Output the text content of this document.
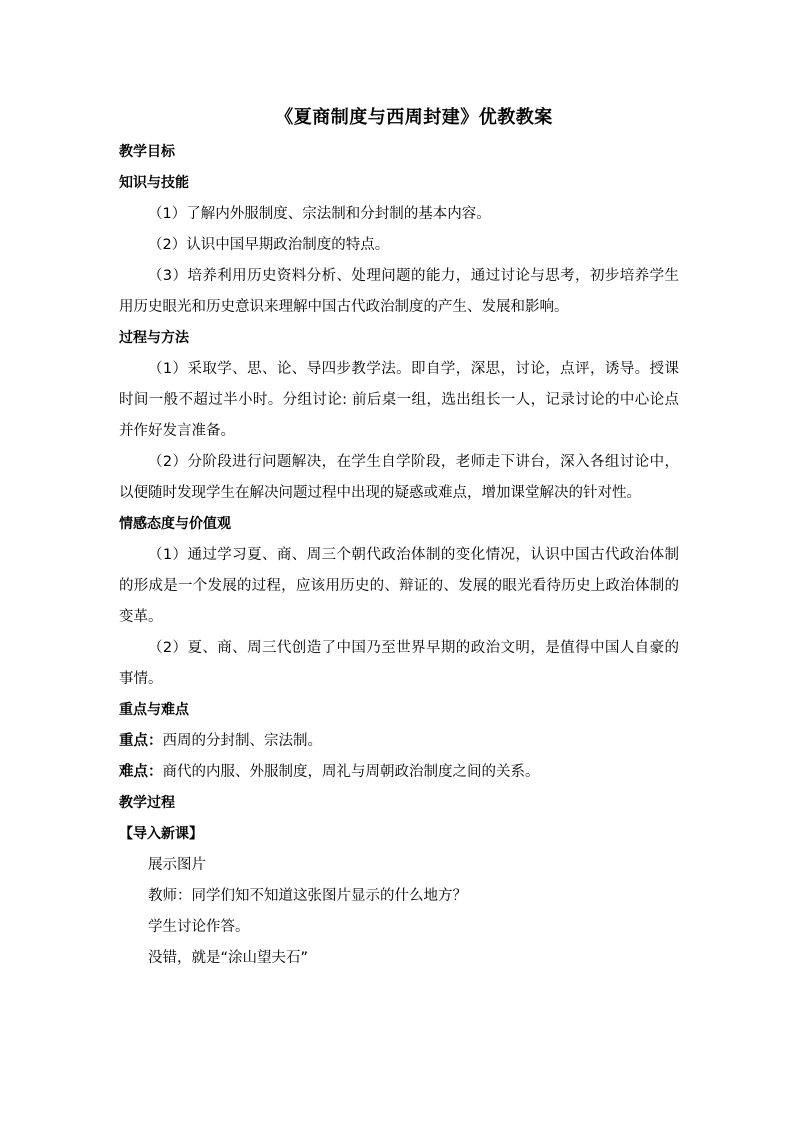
《夏商制度与西周封建》优教教案
教学目标
知识与技能

（1）了解内外服制度、宗法制和分封制的基本内容。

（2）认识中国早期政治制度的特点。

（3）培养利用历史资料分析、处理问题的能力，通过讨论与思考，初步培养学生用历史眼光和历史意识来理解中国古代政治制度的产生、发展和影响。

过程与方法

（1）采取学、思、论、导四步教学法。即自学，深思，讨论，点评，诱导。授课时间一般不超过半小时。分组讨论: 前后桌一组，选出组长一人，记录讨论的中心论点并作好发言准备。

（2）分阶段进行问题解决，在学生自学阶段，老师走下讲台，深入各组讨论中，以便随时发现学生在解决问题过程中出现的疑惑或难点，增加课堂解决的针对性。

情感态度与价值观

（1）通过学习夏、商、周三个朝代政治体制的变化情况，认识中国古代政治体制的形成是一个发展的过程，应该用历史的、辩证的、发展的眼光看待历史上政治体制的变革。

（2）夏、商、周三代创造了中国乃至世界早期的政治文明，是值得中国人自豪的事情。

重点与难点

重点：西周的分封制、宗法制。

难点：商代的内服、外服制度，周礼与周朝政治制度之间的关系。

教学过程
【导入新课】

展示图片

教师：同学们知不知道这张图片显示的什么地方？

学生讨论作答。

没错，就是“涂山望夫石”
